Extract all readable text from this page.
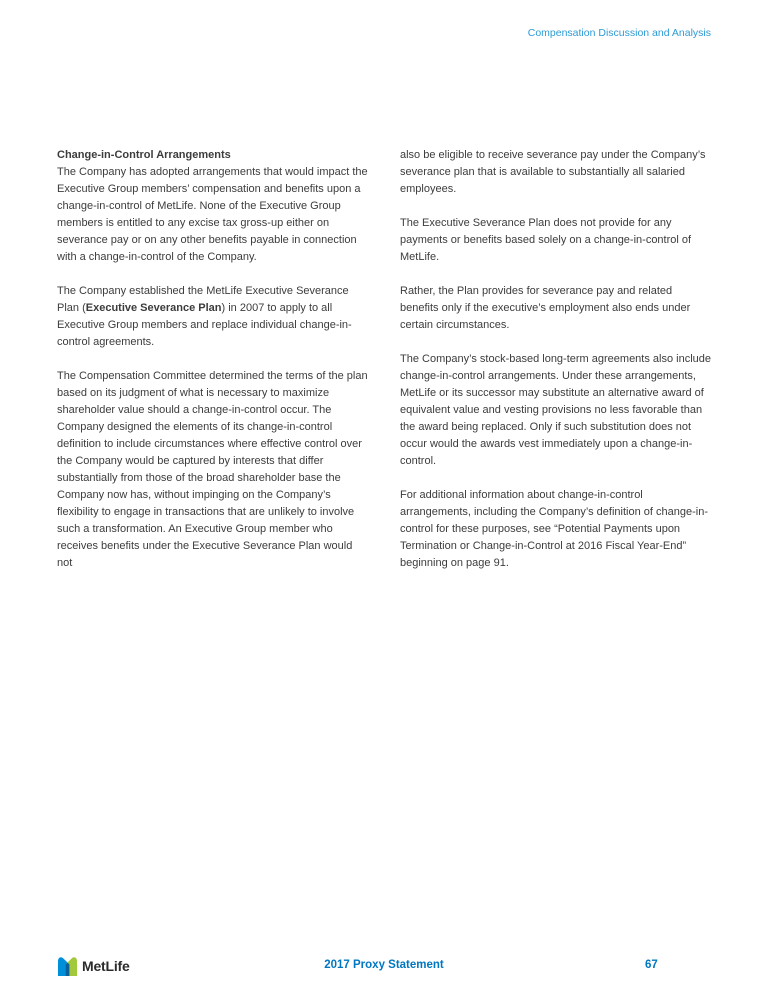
Compensation Discussion and Analysis
Change-in-Control Arrangements

The Company has adopted arrangements that would impact the Executive Group members’ compensation and benefits upon a change-in-control of MetLife. None of the Executive Group members is entitled to any excise tax gross-up either on severance pay or on any other benefits payable in connection with a change-in-control of the Company.

The Company established the MetLife Executive Severance Plan (Executive Severance Plan) in 2007 to apply to all Executive Group members and replace individual change-in-control agreements.

The Compensation Committee determined the terms of the plan based on its judgment of what is necessary to maximize shareholder value should a change-in-control occur. The Company designed the elements of its change-in-control definition to include circumstances where effective control over the Company would be captured by interests that differ substantially from those of the broad shareholder base the Company now has, without impinging on the Company’s flexibility to engage in transactions that are unlikely to involve such a transformation. An Executive Group member who receives benefits under the Executive Severance Plan would not

also be eligible to receive severance pay under the Company’s severance plan that is available to substantially all salaried employees.

The Executive Severance Plan does not provide for any payments or benefits based solely on a change-in-control of MetLife.

Rather, the Plan provides for severance pay and related benefits only if the executive’s employment also ends under certain circumstances.

The Company’s stock-based long-term agreements also include change-in-control arrangements. Under these arrangements, MetLife or its successor may substitute an alternative award of equivalent value and vesting provisions no less favorable than the award being replaced. Only if such substitution does not occur would the awards vest immediately upon a change-in-control.

For additional information about change-in-control arrangements, including the Company’s definition of change-in-control for these purposes, see “Potential Payments upon Termination or Change-in-Control at 2016 Fiscal Year-End” beginning on page 91.

MetLife	2017 Proxy Statement	67
